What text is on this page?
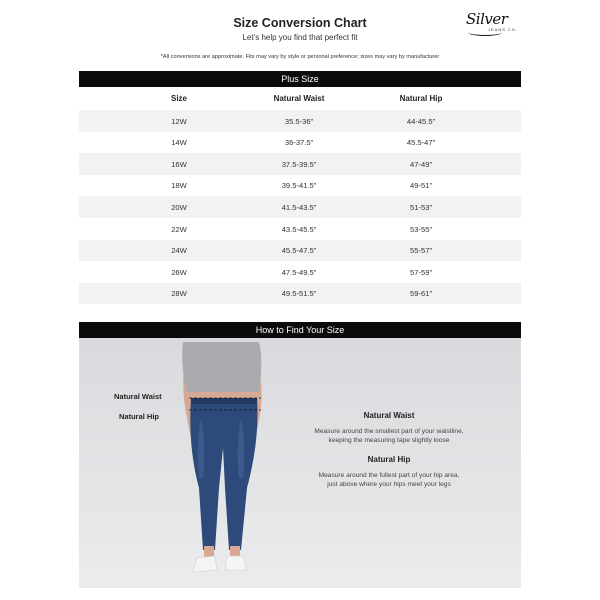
Size Conversion Chart
Let’s help you find that perfect fit
Silver
JEANS CO.
*All conversions are approximate. Fits may vary by style or personal preference; sizes may vary by manufacturer
Plus Size
Size	Natural Waist	Natural Hip
12W	35.5-36”	44-45.5”
14W	36-37.5”	45.5-47”
16W	37.5-39.5”	47-49”
18W	39.5-41.5”	49-51”
20W	41.5-43.5”	51-53”
22W	43.5-45.5”	53-55”
24W	45.5-47.5”	55-57”
26W	47.5-49.5”	57-59”
28W	49.5-51.5”	59-61”
How to Find Your Size
Natural Waist
Natural Hip	Natural Waist
Measure around the smallest part of your waistline,
keeping the measuring tape slightly loose
Natural Hip
Measure around the fullest part of your hip area,
just above where your hips meet your legs
